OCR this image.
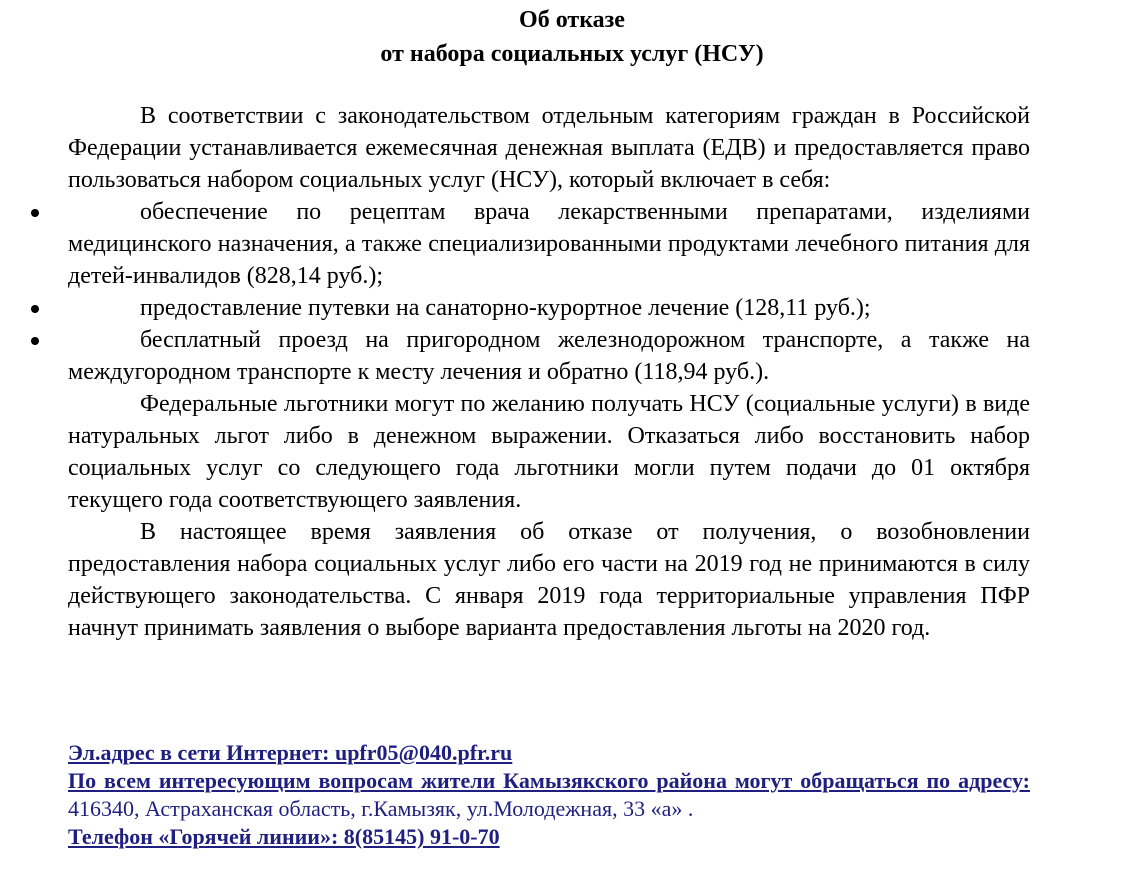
Об отказе
от набора социальных услуг (НСУ)

В соответствии с законодательством отдельным категориям граждан в Российской Федерации устанавливается ежемесячная денежная выплата (ЕДВ) и предоставляется право пользоваться набором социальных услуг (НСУ), который включает в себя:

обеспечение по рецептам врача лекарственными препаратами, изделиями медицинского назначения, а также специализированными продуктами лечебного питания для детей-инвалидов (828,14 руб.);
предоставление путевки на санаторно-курортное лечение (128,11 руб.);
бесплатный проезд на пригородном железнодорожном транспорте, а также на междугородном транспорте к месту лечения и обратно (118,94 руб.).

Федеральные льготники могут по желанию получать НСУ (социальные услуги) в виде натуральных льгот либо в денежном выражении. Отказаться либо восстановить набор социальных услуг со следующего года льготники могли путем подачи до 01 октября текущего года соответствующего заявления.

В настоящее время заявления об отказе от получения, о возобновлении предоставления набора социальных услуг либо его части на 2019 год не принимаются в силу действующего законодательства. С января 2019 года территориальные управления ПФР начнут принимать заявления о выборе варианта предоставления льготы на 2020 год.

Эл.адрес в сети Интернет: upfr05@040.pfr.ru
По всем интересующим вопросам жители Камызякского района могут обращаться по адресу: 416340, Астраханская область, г.Камызяк, ул.Молодежная, 33 «а» .
Телефон «Горячей линии»: 8(85145) 91-0-70
